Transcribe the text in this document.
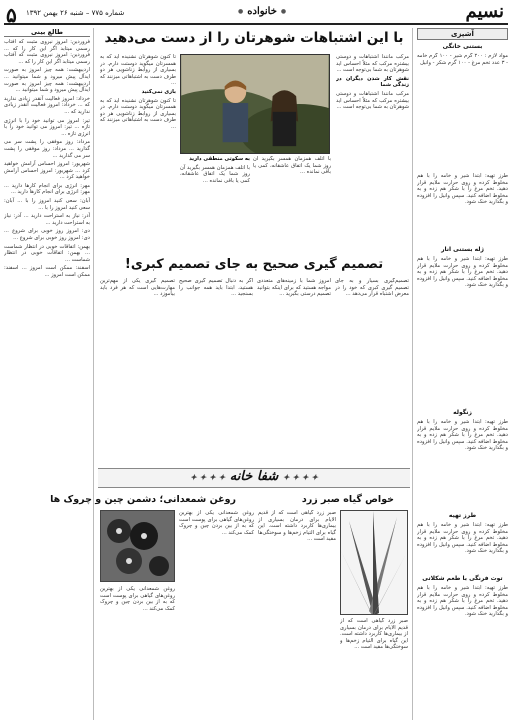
۵ شماره ۷۷۵ – شنبه ۲۶ بهمن ۱۳۹۲
●	خانواده ●	نسیم
طالع بینی

فروردین: امروز نیروی مثبت که آفتاب رسمی میتابد اگر این کار را که ... فروردین: امروز نیروی مثبت که آفتاب رسمی میتابد اگر این کار را که ...

اردیبهشت: همه چیز امروز به صورت ایدآل پیش میرود و شما میتوانید ... اردیبهشت: همه چیز امروز به صورت ایدآل پیش میرود و شما میتوانید ...

خرداد: امروز فعالیت آنقدر زیادی ندارید که ... خرداد: امروز فعالیت آنقدر زیادی ندارید که ...

تیر: امروز می توانید خود را با انرژی تازه ... تیر: امروز می توانید خود را با انرژی تازه ...

مرداد: روز موفقی را پشت سر می گذارید ... مرداد: روز موفقی را پشت سر می گذارید ...

شهریور: امروز احساس آرامش خواهید کرد ... شهریور: امروز احساس آرامش خواهید کرد ...

مهر: انرژی برای انجام کارها دارید ... مهر: انرژی برای انجام کارها دارید ...

آبان: سعی کنید امروز را با ... آبان: سعی کنید امروز را با ...

آذر: نیاز به استراحت دارید ... آذر: نیاز به استراحت دارید ...

دی: امروز روز خوبی برای شروع ... دی: امروز روز خوبی برای شروع ...

بهمن: اتفاقات خوبی در انتظار شماست ... بهمن: اتفاقات خوبی در انتظار شماست ...

اسفند: ممکن است امروز ... اسفند: ممکن است امروز ...

آشپزی
بستنی خانگی
مواد لازم : ۲۰۰ گرم شیر - ۱۰۰ گرم خامه - ۳ عدد تخم مرغ - ۱۰۰ گرم شکر - وانیل
طرز تهیه: ابتدا شیر و خامه را با هم مخلوط کرده و روی حرارت ملایم قرار دهید. تخم مرغ را با شکر هم زده و به مخلوط اضافه کنید. سپس وانیل را افزوده و بگذارید خنک شود.
ژله بستنی انار
طرز تهیه: ابتدا شیر و خامه را با هم مخلوط کرده و روی حرارت ملایم قرار دهید. تخم مرغ را با شکر هم زده و به مخلوط اضافه کنید. سپس وانیل را افزوده و بگذارید خنک شود.
زنگوله
طرز تهیه: ابتدا شیر و خامه را با هم مخلوط کرده و روی حرارت ملایم قرار دهید. تخم مرغ را با شکر هم زده و به مخلوط اضافه کنید. سپس وانیل را افزوده و بگذارید خنک شود.
طرز تهیه
طرز تهیه: ابتدا شیر و خامه را با هم مخلوط کرده و روی حرارت ملایم قرار دهید. تخم مرغ را با شکر هم زده و به مخلوط اضافه کنید. سپس وانیل را افزوده و بگذارید خنک شود.
توت فرنگی با طعم شکلاتی
طرز تهیه: ابتدا شیر و خامه را با هم مخلوط کرده و روی حرارت ملایم قرار دهید. تخم مرغ را با شکر هم زده و به مخلوط اضافه کنید. سپس وانیل را افزوده و بگذارید خنک شود.
با این اشتباهات شوهرتان را از دست می‌دهید

مرکب مانندا اشتباهات و دوستی بیشتره مرکب که مثلاً احساس اید شوهرتان به شما بی‌توجه است ...

نقش کار شدن دیگران در زندگی شما

مرکب مانندا اشتباهات و دوستی بیشتره مرکب که مثلاً احساس اید شوهرتان به شما بی‌توجه است ...

با اتلف همزمان همسر بگیرید آن روز شما یک اتفاق عاشقانه، کمی یا باقی نمانده ...

تا کنون شوهرتان نشنیده اید که به همسرتان میگوید دوستت دارم. در بسیاری از روابط زناشویی هر دو طرف دست به اشتباهاتی میزنند که ...

بازی نمی‌کنید

تا کنون شوهرتان نشنیده اید که به همسرتان میگوید دوستت دارم. در بسیاری از روابط زناشویی هر دو طرف دست به اشتباهاتی میزنند که ...

به سکوتی منطقی دارید

با اتلف همزمان همسر بگیرید آن روز شما یک اتفاق عاشقانه، کمی یا باقی نمانده ...

تصمیم گیری صحیح به جای تصمیم کبری!

تصمیم‌گیری بسیار و به جای تصمیم گیری کبری که خود را در معرض اشتباه قرار می‌دهد ...

امروز شما با زمینه‌های متعددی مواجه هستید که برای اینکه بتوانید تصمیم درستی بگیرید ...

اگر به دنبال تصمیم گیری صحیح هستید، ابتدا باید همه جوانب را بسنجید ...

تصمیم گیری یکی از مهم‌ترین مهارت‌هایی است که هر فرد باید بیاموزد ...

✦ ✦ ✦ ✦ شفا خانه ✦ ✦ ✦ ✦
خواص گیاه صبر زرد

صبر زرد گیاهی است که از قدیم الایام برای درمان بسیاری از بیماری‌ها کاربرد داشته است. این گیاه برای التیام زخم‌ها و سوختگی‌ها مفید است ...

صبر زرد گیاهی است که از قدیم الایام برای درمان بسیاری از بیماری‌ها کاربرد داشته است. این گیاه برای التیام زخم‌ها و سوختگی‌ها مفید است ...

روغن شمعدانی؛ دشمن چین و چروک ها

روغن شمعدانی یکی از بهترین روغن‌های گیاهی برای پوست است که به از بین بردن چین و چروک کمک می‌کند ...

روغن شمعدانی یکی از بهترین روغن‌های گیاهی برای پوست است که به از بین بردن چین و چروک کمک می‌کند ...
